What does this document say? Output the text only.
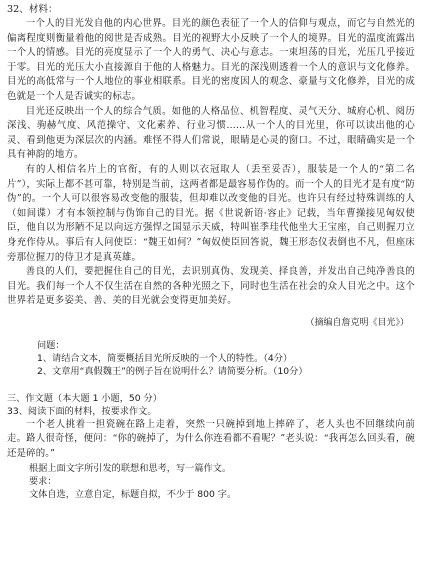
32、材料：

一个人的目光发自他的内心世界。目光的颜色表征了一个人的信仰与观点，而它与自然光的偏离程度则衡量着他的阅世是否成熟。目光的视野大小反映了一个人的境界。目光的温度流露出一个人的情感。目光的亮度显示了一个人的勇气、决心与意志。一束坦荡的目光，光压几乎接近于零。目光的光压大小直接源自于他的人格魅力。目光的深浅则透着一个人的意识与文化修养。目光的高低常与一个人地位的事业相联系。目光的密度因人的观念、豪量与文化修养，目光的成色就是一个人是否诚实的标志。

目光还反映出一个人的综合气质。如他的人格品位、机智程度、灵气天分、城府心机、阅历深浅、驹赫气度、风范操守、文化素养、行业习惯……从一个人的目光里，你可以读出他的心灵、看到他更为深层次的内涵。难怪不得人们常说，眼睛是心灵的窗口。不过，眼睛确实是一个具有神韵的地方。

有的人相信名片上的官衔，有的人则以衣冠取人（丢至妥否），服装是一个人的“第二名片”），实际上都不甚可靠，特别是当前，这两者都是最容易作伪的。而一个人的目光才是有度“防伪”的。一个人可以很容易改变他的服装，但却难以改变他的目光。也许只有经过特殊训练的人（如间谍）才有本领控制与伪饰自己的目光。据《世说新语·容止》记载，当年曹操接见匈奴使臣，他自以为形陋不足以向远方强悍之国显示天威，特叫崔季珪代他坐大王宝座，自己则握刀立身充作侍从。事后有人问使臣：“魏王如何？”匈奴使臣回答说，魏王形态仪表倒也不凡，但座床旁那位握刀的侍卫才是真英雄。

善良的人们，要把握住自己的目光，去识别真伪、发现美、择良善，并发出自己纯净善良的目光。我们每一个人不仅生活在自然的各种光照之下，同时也生活在社会的众人目光之中。这个世界若是更多姿美、善、美的目光就会变得更加美好。

（摘编自詹克明《目光》）
问题：
1、请结合文本，简要概括目光所反映的一个人的特性。（4分）
2、文章用“真假魏王”的例子旨在说明什么？请简要分析。（10分）
三、作文题（本大题 1 小题，50 分）
33、阅读下面的材料，按要求作文。

一个老人挑着一担瓷碗在路上走着，突然一只碗掉到地上摔碎了，老人头也不回继续向前走。路人很奇怪，便问：“你的碗掉了，为什么你连看都不看呢？”老头说：“我再怎么回头看，碗还是碎的。”

根据上面文字所引发的联想和思考，写一篇作文。
要求：
文体自选，立意自定，标题自拟，不少于 800 字。
